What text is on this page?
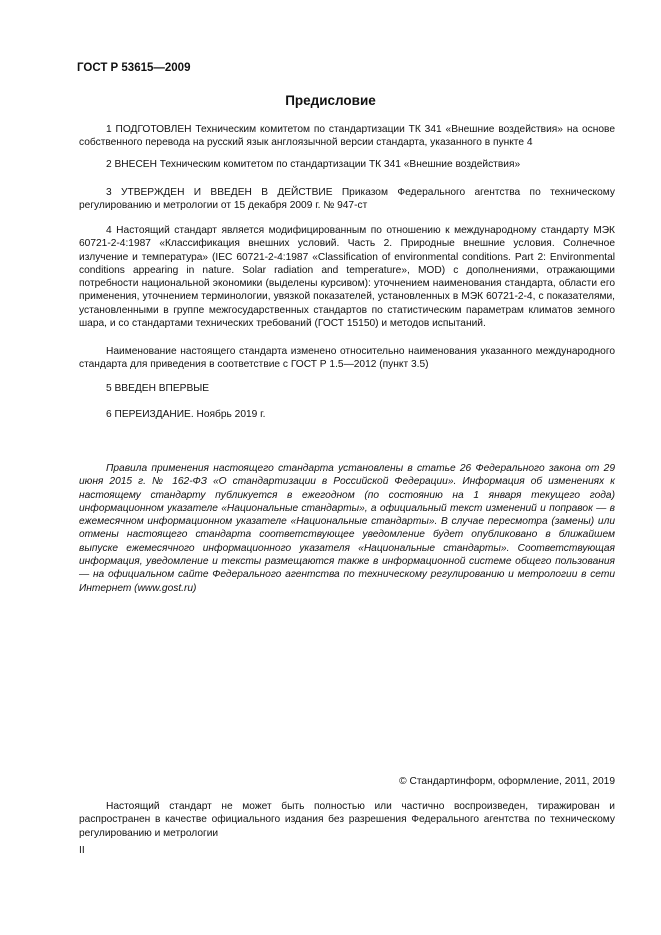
ГОСТ Р 53615—2009
Предисловие
1 ПОДГОТОВЛЕН Техническим комитетом по стандартизации ТК 341 «Внешние воздействия» на основе собственного перевода на русский язык англоязычной версии стандарта, указанного в пункте 4
2 ВНЕСЕН Техническим комитетом по стандартизации ТК 341 «Внешние воздействия»
3 УТВЕРЖДЕН И ВВЕДЕН В ДЕЙСТВИЕ Приказом Федерального агентства по техническому регулированию и метрологии от 15 декабря 2009 г. № 947-ст
4 Настоящий стандарт является модифицированным по отношению к международному стандарту МЭК 60721-2-4:1987 «Классификация внешних условий. Часть 2. Природные внешние условия. Солнечное излучение и температура» (IEC 60721-2-4:1987 «Classification of environmental conditions. Part 2: Environmental conditions appearing in nature. Solar radiation and temperature», MOD) с дополнениями, отражающими потребности национальной экономики (выделены курсивом): уточнением наименования стандарта, области его применения, уточнением терминологии, увязкой показателей, установленных в МЭК 60721-2-4, с показателями, установленными в группе межгосударственных стандартов по статистическим параметрам климатов земного шара, и со стандартами технических требований (ГОСТ 15150) и методов испытаний.
Наименование настоящего стандарта изменено относительно наименования указанного международного стандарта для приведения в соответствие с ГОСТ Р 1.5—2012 (пункт 3.5)
5 ВВЕДЕН ВПЕРВЫЕ
6 ПЕРЕИЗДАНИЕ. Ноябрь 2019 г.
Правила применения настоящего стандарта установлены в статье 26 Федерального закона от 29 июня 2015 г. № 162-ФЗ «О стандартизации в Российской Федерации». Информация об изменениях к настоящему стандарту публикуется в ежегодном (по состоянию на 1 января текущего года) информационном указателе «Национальные стандарты», а официальный текст изменений и поправок — в ежемесячном информационном указателе «Национальные стандарты». В случае пересмотра (замены) или отмены настоящего стандарта соответствующее уведомление будет опубликовано в ближайшем выпуске ежемесячного информационного указателя «Национальные стандарты». Соответствующая информация, уведомление и тексты размещаются также в информационной системе общего пользования — на официальном сайте Федерального агентства по техническому регулированию и метрологии в сети Интернет (www.gost.ru)
© Стандартинформ, оформление, 2011, 2019
Настоящий стандарт не может быть полностью или частично воспроизведен, тиражирован и распространен в качестве официального издания без разрешения Федерального агентства по техническому регулированию и метрологии
II
